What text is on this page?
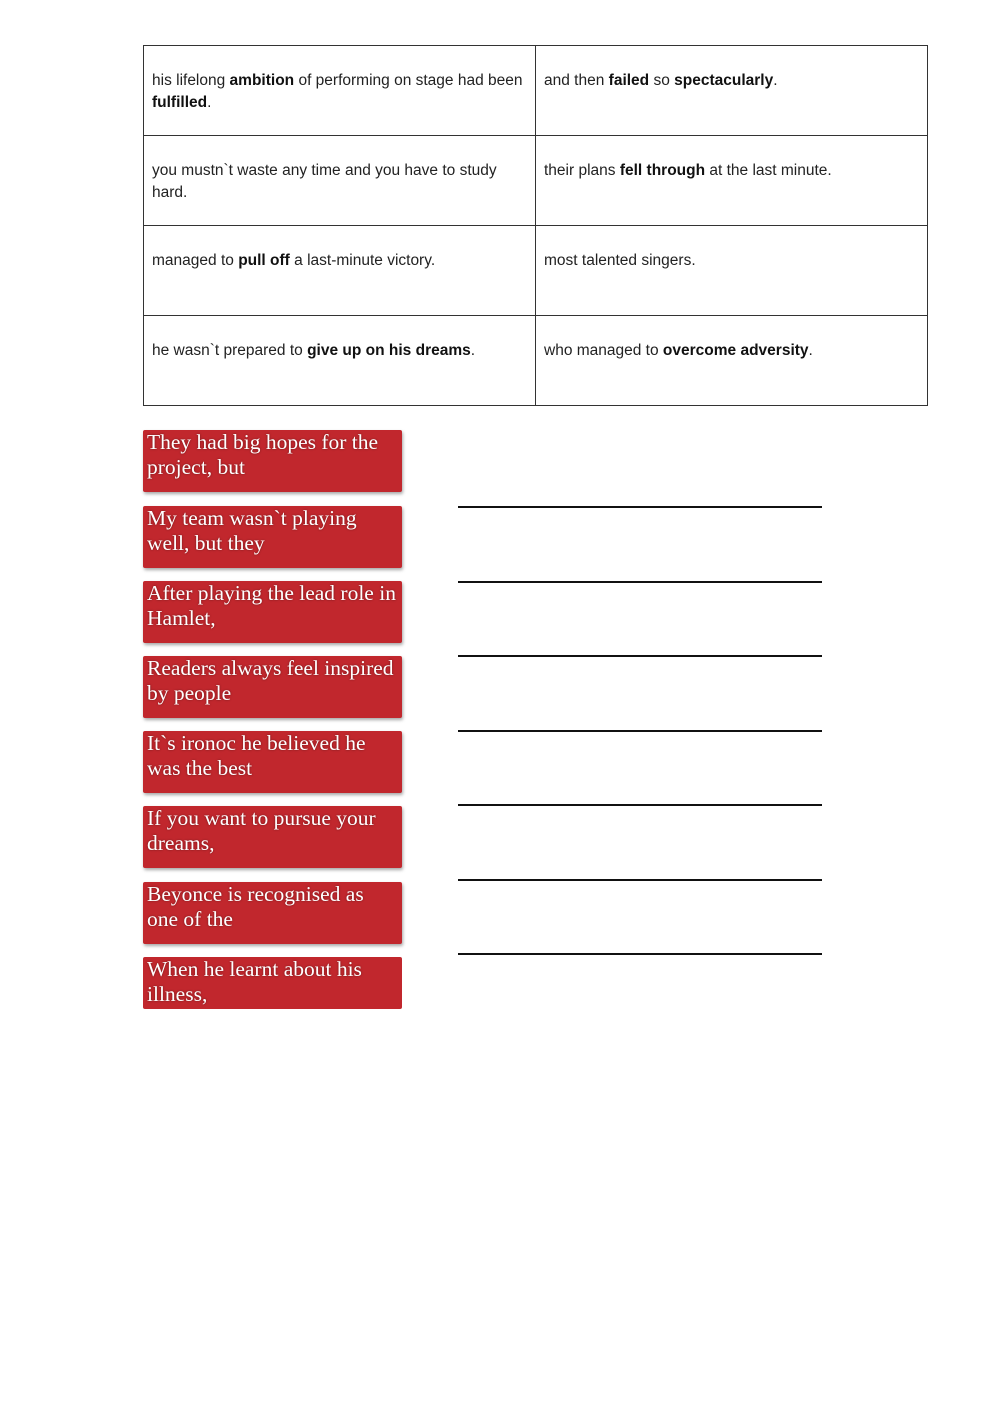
his lifelong ambition of performing on stage had been fulfilled.	and then failed so spectacularly.
you mustn`t waste any time and you have to study hard.	their plans fell through at the last minute.
managed to pull off a last-minute victory.	most talented singers.
he wasn`t prepared to give up on his dreams.	who managed to overcome adversity.
They had big hopes for the project, but
My team wasn`t playing well, but they
After playing the lead role in Hamlet,
Readers always feel inspired by people
It`s ironoc he believed he was the best
If you want to pursue your dreams,
Beyonce is recognised as one of the
When he learnt about his illness,
